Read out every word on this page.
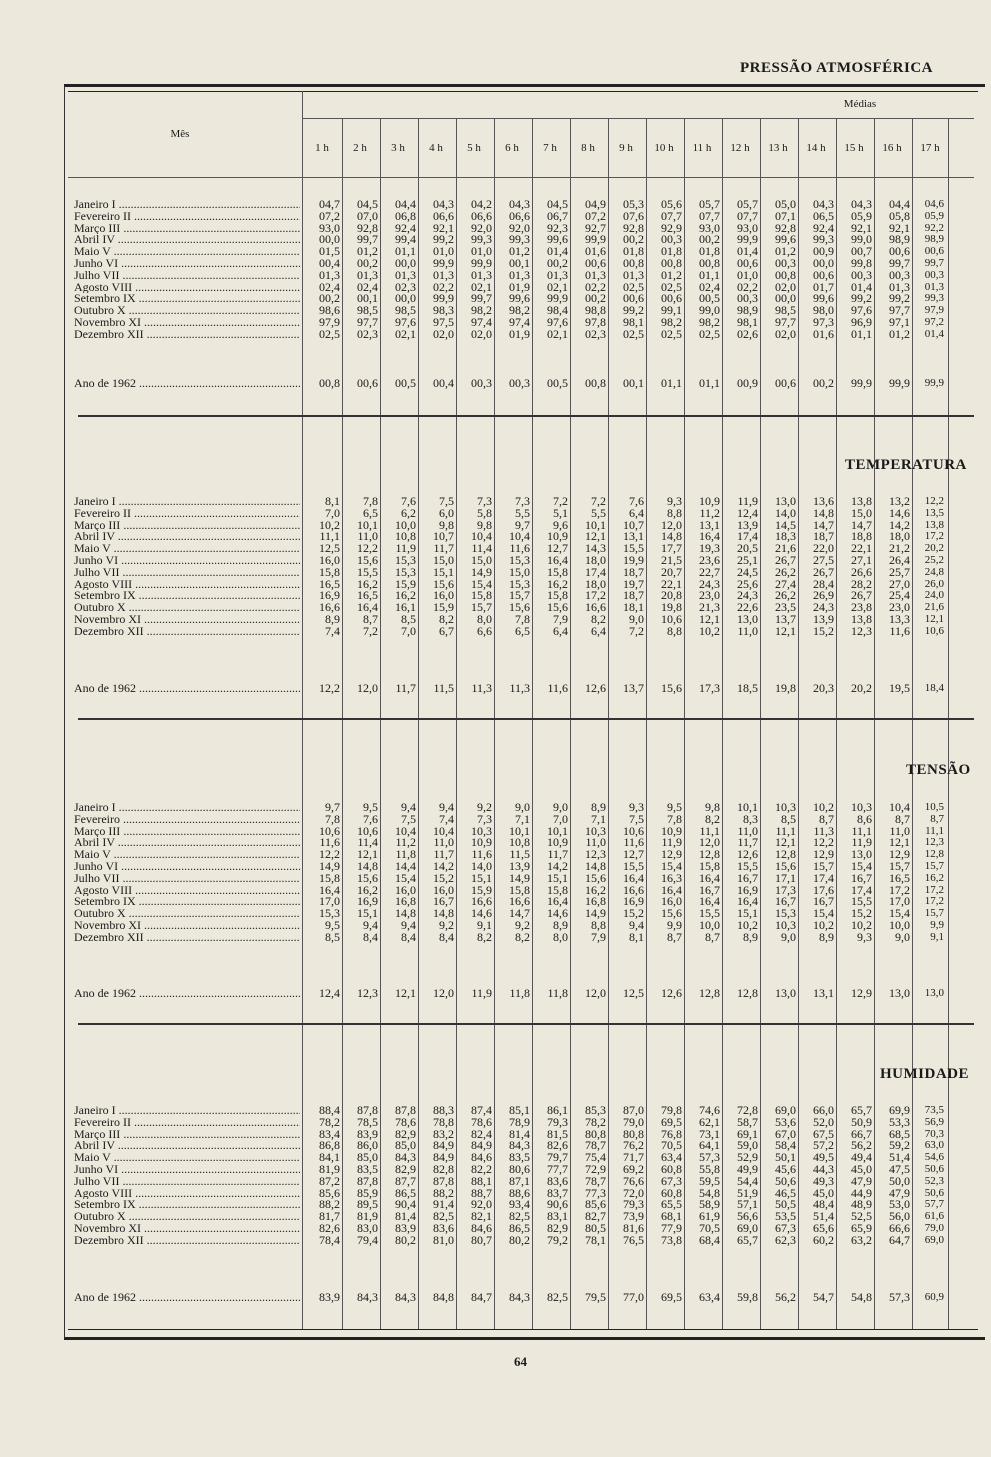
PRESSÃO ATMOSFÉRICA
Médias
Mês
1 h	2 h	3 h	4 h	5 h	6 h	7 h	8 h	9 h	10 h	11 h	12 h	13 h	14 h	15 h	16 h	17 h
Janeiro I .....	04,7	04,5	04,4	04,3	04,2	04,3	04,5	04,9	05,3	05,6	05,7	05,7	05,0	04,3	04,3	04,4	04,6
Fevereiro II .....	07,2	07,0	06,8	06,6	06,6	06,6	06,7	07,2	07,6	07,7	07,7	07,7	07,1	06,5	05,9	05,8	05,9
Março III .....	93,0	92,8	92,4	92,1	92,0	92,0	92,3	92,7	92,8	92,9	93,0	93,0	92,8	92,4	92,1	92,1	92,2
Abril IV .....	00,0	99,7	99,4	99,2	99,3	99,3	99,6	99,9	00,2	00,3	00,2	99,9	99,6	99,3	99,0	98,9	98,9
Maio V .....	01,5	01,2	01,1	01,0	01,0	01,2	01,4	01,6	01,8	01,8	01,8	01,4	01,2	00,9	00,7	00,6	00,6
Junho VI .....	00,4	00,2	00,0	99,9	99,9	00,1	00,2	00,6	00,8	00,8	00,8	00,6	00,3	00,0	99,8	99,7	99,7
Julho VII .....	01,3	01,3	01,3	01,3	01,3	01,3	01,3	01,3	01,3	01,2	01,1	01,0	00,8	00,6	00,3	00,3	00,3
Agosto VIII .....	02,4	02,4	02,3	02,2	02,1	01,9	02,1	02,2	02,5	02,5	02,4	02,2	02,0	01,7	01,4	01,3	01,3
Setembro IX .....	00,2	00,1	00,0	99,9	99,7	99,6	99,9	00,2	00,6	00,6	00,5	00,3	00,0	99,6	99,2	99,2	99,3
Outubro X .....	98,6	98,5	98,5	98,3	98,2	98,2	98,4	98,8	99,2	99,1	99,0	98,9	98,5	98,0	97,6	97,7	97,9
Novembro XI .....	97,9	97,7	97,6	97,5	97,4	97,4	97,6	97,8	98,1	98,2	98,2	98,1	97,7	97,3	96,9	97,1	97,2
Dezembro XII .....	02,5	02,3	02,1	02,0	02,0	01,9	02,1	02,3	02,5	02,5	02,5	02,6	02,0	01,6	01,1	01,2	01,4
Ano de 1962 .....	00,8	00,6	00,5	00,4	00,3	00,3	00,5	00,8	00,1	01,1	01,1	00,9	00,6	00,2	99,9	99,9	99,9
TEMPERATURA
Janeiro I .....	8,1	7,8	7,6	7,5	7,3	7,3	7,2	7,2	7,6	9,3	10,9	11,9	13,0	13,6	13,8	13,2	12,2
Fevereiro II .....	7,0	6,5	6,2	6,0	5,8	5,5	5,1	5,5	6,4	8,8	11,2	12,4	14,0	14,8	15,0	14,6	13,5
Março III .....	10,2	10,1	10,0	9,8	9,8	9,7	9,6	10,1	10,7	12,0	13,1	13,9	14,5	14,7	14,7	14,2	13,8
Abril IV .....	11,1	11,0	10,8	10,7	10,4	10,4	10,9	12,1	13,1	14,8	16,4	17,4	18,3	18,7	18,8	18,0	17,2
Maio V .....	12,5	12,2	11,9	11,7	11,4	11,6	12,7	14,3	15,5	17,7	19,3	20,5	21,6	22,0	22,1	21,2	20,2
Junho VI .....	16,0	15,6	15,3	15,0	15,0	15,3	16,4	18,0	19,9	21,5	23,6	25,1	26,7	27,5	27,1	26,4	25,2
Julho VII .....	15,8	15,5	15,3	15,1	14,9	15,0	15,8	17,4	18,7	20,7	22,7	24,5	26,2	26,7	26,6	25,7	24,8
Agosto VIII .....	16,5	16,2	15,9	15,6	15,4	15,3	16,2	18,0	19,7	22,1	24,3	25,6	27,4	28,4	28,2	27,0	26,0
Setembro IX .....	16,9	16,5	16,2	16,0	15,8	15,7	15,8	17,2	18,7	20,8	23,0	24,3	26,2	26,9	26,7	25,4	24,0
Outubro X .....	16,6	16,4	16,1	15,9	15,7	15,6	15,6	16,6	18,1	19,8	21,3	22,6	23,5	24,3	23,8	23,0	21,6
Novembro XI .....	8,9	8,7	8,5	8,2	8,0	7,8	7,9	8,2	9,0	10,6	12,1	13,0	13,7	13,9	13,8	13,3	12,1
Dezembro XII .....	7,4	7,2	7,0	6,7	6,6	6,5	6,4	6,4	7,2	8,8	10,2	11,0	12,1	15,2	12,3	11,6	10,6
Ano de 1962 .....	12,2	12,0	11,7	11,5	11,3	11,3	11,6	12,6	13,7	15,6	17,3	18,5	19,8	20,3	20,2	19,5	18,4
TENSÃO
Janeiro I .....	9,7	9,5	9,4	9,4	9,2	9,0	9,0	8,9	9,3	9,5	9,8	10,1	10,3	10,2	10,3	10,4	10,5
Fevereiro .....	7,8	7,6	7,5	7,4	7,3	7,1	7,0	7,1	7,5	7,8	8,2	8,3	8,5	8,7	8,6	8,7	8,7
Março III .....	10,6	10,6	10,4	10,4	10,3	10,1	10,1	10,3	10,6	10,9	11,1	11,0	11,1	11,3	11,1	11,0	11,1
Abril IV .....	11,6	11,4	11,2	11,0	10,9	10,8	10,9	11,0	11,6	11,9	12,0	11,7	12,1	12,2	11,9	12,1	12,3
Maio V .....	12,2	12,1	11,8	11,7	11,6	11,5	11,7	12,3	12,7	12,9	12,8	12,6	12,8	12,9	13,0	12,9	12,8
Junho VI .....	14,9	14,8	14,4	14,2	14,0	13,9	14,2	14,8	15,5	15,4	15,8	15,5	15,6	15,7	15,4	15,7	15,7
Julho VII .....	15,8	15,6	15,4	15,2	15,1	14,9	15,1	15,6	16,4	16,3	16,4	16,7	17,1	17,4	16,7	16,5	16,2
Agosto VIII .....	16,4	16,2	16,0	16,0	15,9	15,8	15,8	16,2	16,6	16,4	16,7	16,9	17,3	17,6	17,4	17,2	17,2
Setembro IX .....	17,0	16,9	16,8	16,7	16,6	16,6	16,4	16,8	16,9	16,0	16,4	16,4	16,7	16,7	15,5	17,0	17,2
Outubro X .....	15,3	15,1	14,8	14,8	14,6	14,7	14,6	14,9	15,2	15,6	15,5	15,1	15,3	15,4	15,2	15,4	15,7
Novembro XI .....	9,5	9,4	9,4	9,2	9,1	9,2	8,9	8,8	9,4	9,9	10,0	10,2	10,3	10,2	10,2	10,0	9,9
Dezembro XII .....	8,5	8,4	8,4	8,4	8,2	8,2	8,0	7,9	8,1	8,7	8,7	8,9	9,0	8,9	9,3	9,0	9,1
Ano de 1962 .....	12,4	12,3	12,1	12,0	11,9	11,8	11,8	12,0	12,5	12,6	12,8	12,8	13,0	13,1	12,9	13,0	13,0
HUMIDADE
Janeiro I .....	88,4	87,8	87,8	88,3	87,4	85,1	86,1	85,3	87,0	79,8	74,6	72,8	69,0	66,0	65,7	69,9	73,5
Fevereiro II .....	78,2	78,5	78,6	78,8	78,6	78,9	79,3	78,2	79,0	69,5	62,1	58,7	53,6	52,0	50,9	53,3	56,9
Março III .....	83,4	83,9	82,9	83,2	82,4	81,4	81,5	80,8	80,8	76,8	73,1	69,1	67,0	67,5	66,7	68,5	70,3
Abril IV .....	86,8	86,0	85,0	84,9	84,9	84,3	82,6	78,7	76,2	70,5	64,1	59,0	58,4	57,2	56,2	59,2	63,0
Maio V .....	84,1	85,0	84,3	84,9	84,6	83,5	79,7	75,4	71,7	63,4	57,3	52,9	50,1	49,5	49,4	51,4	54,6
Junho VI .....	81,9	83,5	82,9	82,8	82,2	80,6	77,7	72,9	69,2	60,8	55,8	49,9	45,6	44,3	45,0	47,5	50,6
Julho VII .....	87,2	87,8	87,7	87,8	88,1	87,1	83,6	78,7	76,6	67,3	59,5	54,4	50,6	49,3	47,9	50,0	52,3
Agosto VIII .....	85,6	85,9	86,5	88,2	88,7	88,6	83,7	77,3	72,0	60,8	54,8	51,9	46,5	45,0	44,9	47,9	50,6
Setembro IX .....	88,2	89,5	90,4	91,4	92,0	93,4	90,6	85,6	79,3	65,5	58,9	57,1	50,5	48,4	48,9	53,0	57,7
Outubro X .....	81,7	81,9	81,4	82,5	82,1	82,5	83,1	82,7	73,9	68,1	61,9	56,6	53,5	51,4	52,5	56,0	61,6
Novembro XI .....	82,6	83,0	83,9	83,6	84,6	86,5	82,9	80,5	81,6	77,9	70,5	69,0	67,3	65,6	65,9	66,6	79,0
Dezembro XII .....	78,4	79,4	80,2	81,0	80,7	80,2	79,2	78,1	76,5	73,8	68,4	65,7	62,3	60,2	63,2	64,7	69,0
Ano de 1962 .....	83,9	84,3	84,3	84,8	84,7	84,3	82,5	79,5	77,0	69,5	63,4	59,8	56,2	54,7	54,8	57,3	60,9
64
